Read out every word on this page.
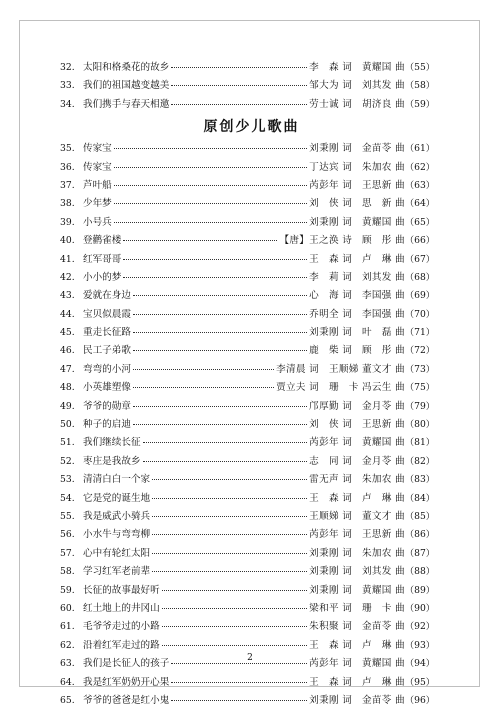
32. 太阳和格桑花的故乡	李　森 词　黄耀国 曲 （55）
33. 我们的祖国越变越美	邹大为 词　刘其发 曲 （58）
34. 我们携手与春天相邀	劳士诚 词　胡济良 曲 （59）
原创少儿歌曲
35. 传家宝	刘秉刚 词　金苗苓 曲 （61）
36. 传家宝	丁达宾 词　朱加农 曲 （62）
37. 芦叶船	芮彭年 词　王思新 曲 （63）
38. 少年梦	刘　侠 词　思　新 曲 （64）
39. 小号兵	刘秉刚 词　黄耀国 曲 （65）
40. 登鹳雀楼	【唐】王之涣 诗　顾　彤 曲 （66）
41. 红军哥哥	王　森 词　卢　琳 曲 （67）
42. 小小的梦	李　莉 词　刘其发 曲 （68）
43. 爱就在身边	心　海 词　李国强 曲 （69）
44. 宝贝似晨霞	乔明全 词　李国强 曲 （70）
45. 重走长征路	刘秉刚 词　叶　磊 曲 （71）
46. 民工子弟歌	鹿　柴 词　顾　彤 曲 （72）
47. 弯弯的小河	李清晨 词　王顺娣 董文才 曲 （73）
48. 小英雄塑像	贾立夫 词　珊　卡 冯云生 曲 （75）
49. 爷爷的勋章	邝厚勤 词　金月苓 曲 （79）
50. 种子的启迪	刘　侠 词　王思新 曲 （80）
51. 我们继续长征	芮彭年 词　黄耀国 曲 （81）
52. 枣庄是我故乡	志　同 词　金月苓 曲 （82）
53. 清清白白一个家	雷无声 词　朱加农 曲 （83）
54. 它是党的诞生地	王　森 词　卢　琳 曲 （84）
55. 我是威武小骑兵	王顺娣 词　董文才 曲 （85）
56. 小水牛与弯弯柳	芮彭年 词　王思新 曲 （86）
57. 心中有轮红太阳	刘秉刚 词　朱加农 曲 （87）
58. 学习红军老前辈	刘秉刚 词　刘其发 曲 （88）
59. 长征的故事最好听	刘秉刚 词　黄耀国 曲 （89）
60. 红土地上的井冈山	梁和平 词　珊　卡 曲 （90）
61. 毛爷爷走过的小路	朱积聚 词　金苗苓 曲 （92）
62. 沿着红军走过的路	王　森 词　卢　琳 曲 （93）
63. 我们是长征人的孩子	芮彭年 词　黄耀国 曲 （94）
64. 我是红军奶奶开心果	王　森 词　卢　琳 曲 （95）
65. 爷爷的爸爸是红小鬼	刘秉刚 词　金苗苓 曲 （96）
2
